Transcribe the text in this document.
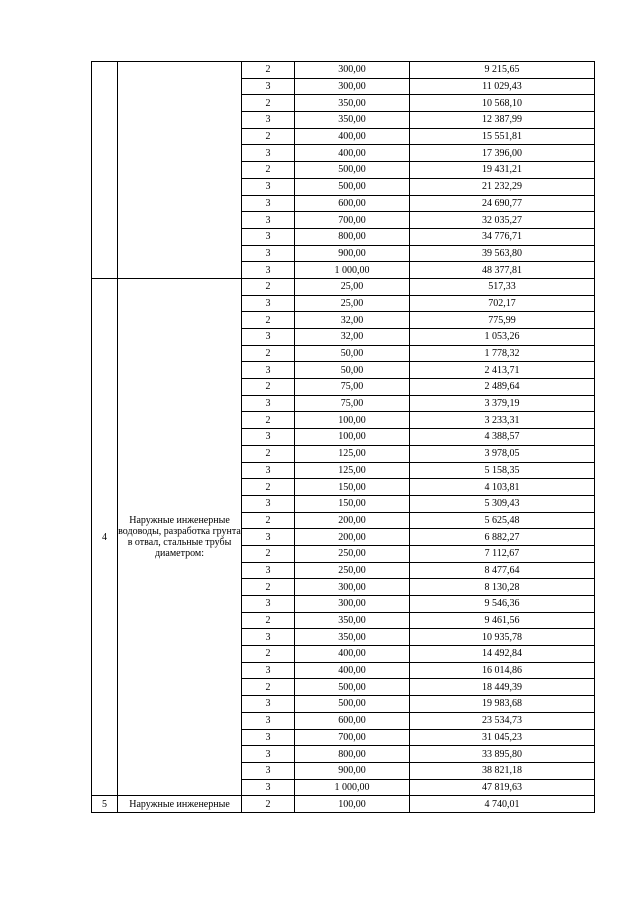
		2	300,00	9 215,65
		3	300,00	11 029,43
		2	350,00	10 568,10
		3	350,00	12 387,99
		2	400,00	15 551,81
		3	400,00	17 396,00
		2	500,00	19 431,21
		3	500,00	21 232,29
		3	600,00	24 690,77
		3	700,00	32 035,27
		3	800,00	34 776,71
		3	900,00	39 563,80
		3	1 000,00	48 377,81
4	Наружные инженерные водоводы, разработка грунта в отвал, стальные трубы диаметром:	2	25,00	517,33
		3	25,00	702,17
		2	32,00	775,99
		3	32,00	1 053,26
		2	50,00	1 778,32
		3	50,00	2 413,71
		2	75,00	2 489,64
		3	75,00	3 379,19
		2	100,00	3 233,31
		3	100,00	4 388,57
		2	125,00	3 978,05
		3	125,00	5 158,35
		2	150,00	4 103,81
		3	150,00	5 309,43
		2	200,00	5 625,48
		3	200,00	6 882,27
		2	250,00	7 112,67
		3	250,00	8 477,64
		2	300,00	8 130,28
		3	300,00	9 546,36
		2	350,00	9 461,56
		3	350,00	10 935,78
		2	400,00	14 492,84
		3	400,00	16 014,86
		2	500,00	18 449,39
		3	500,00	19 983,68
		3	600,00	23 534,73
		3	700,00	31 045,23
		3	800,00	33 895,80
		3	900,00	38 821,18
		3	1 000,00	47 819,63
5	Наружные инженерные	2	100,00	4 740,01
